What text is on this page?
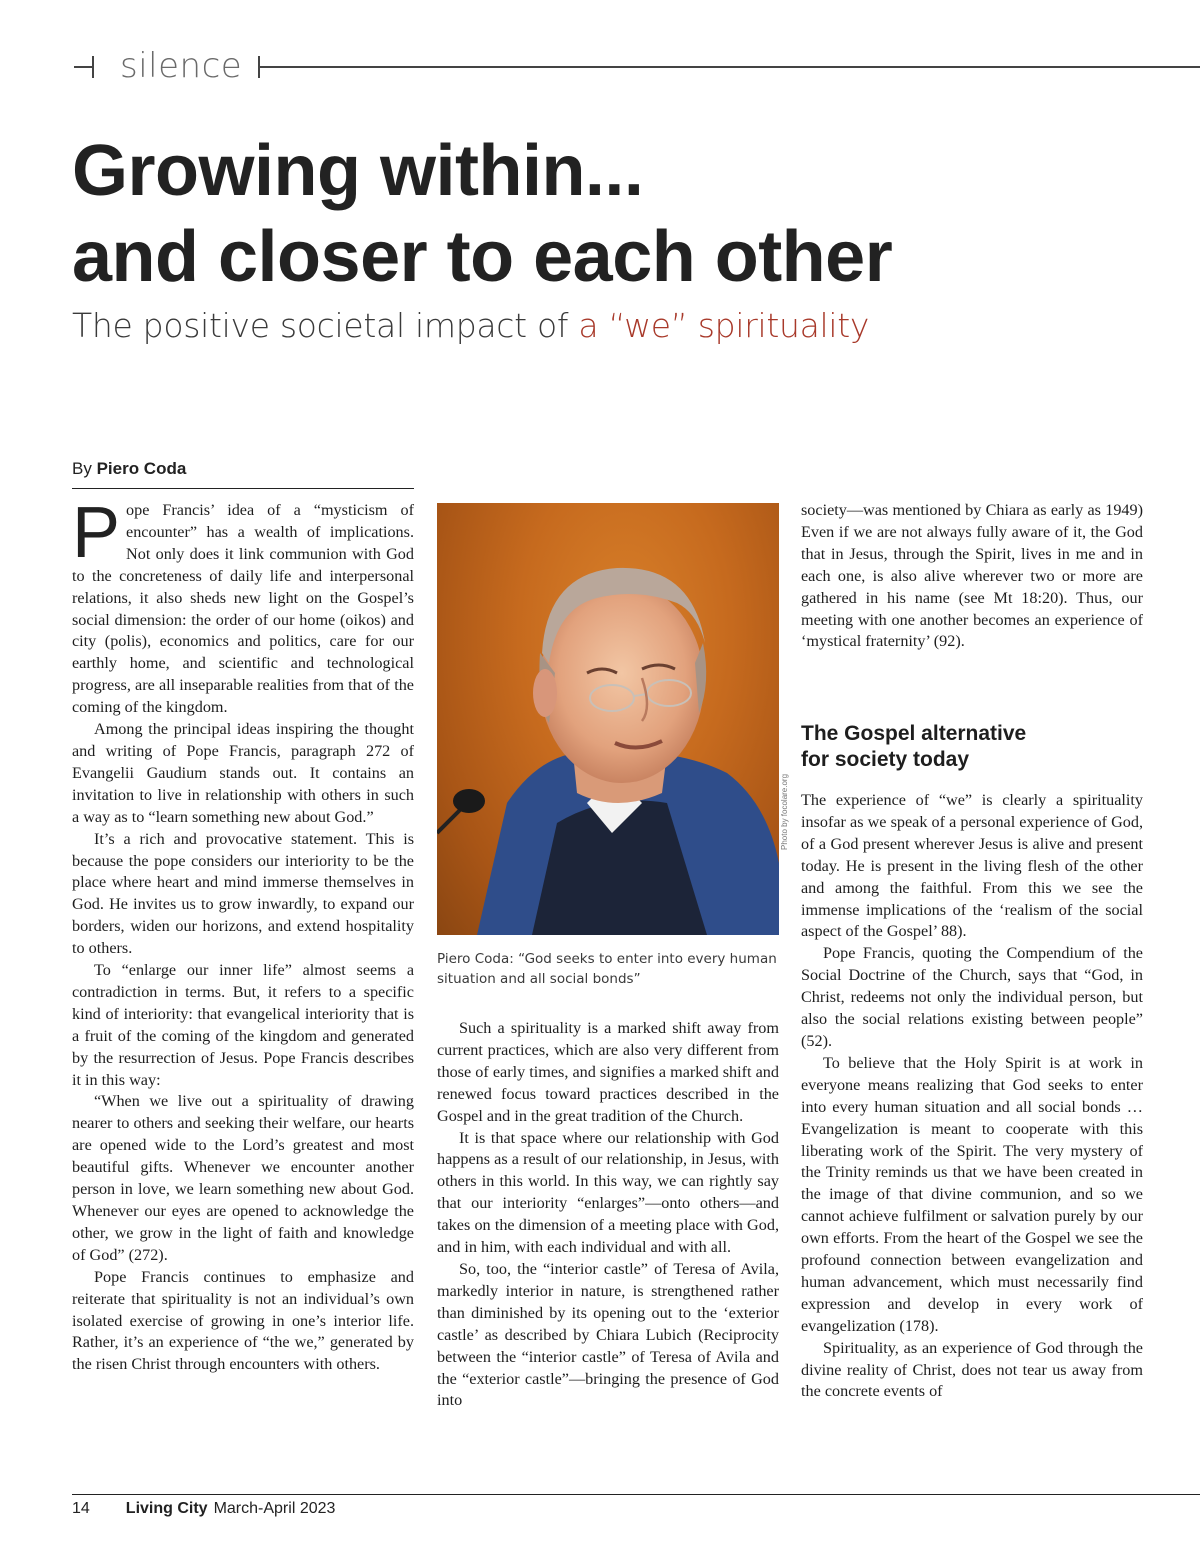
silence
Growing within...
and closer to each other
The positive societal impact of a “we” spirituality
By Piero Coda

Pope Francis’ idea of a “mysticism of encounter” has a wealth of implications. Not only does it link communion with God to the concreteness of daily life and interpersonal relations, it also sheds new light on the Gospel’s social dimension: the order of our home (oikos) and city (polis), economics and politics, care for our earthly home, and scientific and technological progress, are all inseparable realities from that of the coming of the kingdom.

Among the principal ideas inspiring the thought and writing of Pope Francis, paragraph 272 of Evangelii Gaudium stands out. It contains an invitation to live in relationship with others in such a way as to “learn something new about God.”

It’s a rich and provocative statement. This is because the pope considers our interiority to be the place where heart and mind immerse themselves in God. He invites us to grow inwardly, to expand our borders, widen our horizons, and extend hospitality to others.

To “enlarge our inner life” almost seems a contradiction in terms. But, it refers to a specific kind of interiority: that evangelical interiority that is a fruit of the coming of the kingdom and generated by the resurrection of Jesus. Pope Francis describes it in this way:

“When we live out a spirituality of drawing nearer to others and seeking their welfare, our hearts are opened wide to the Lord’s greatest and most beautiful gifts. Whenever we encounter another person in love, we learn something new about God. Whenever our eyes are opened to acknowledge the other, we grow in the light of faith and knowledge of God” (272).

Pope Francis continues to emphasize and reiterate that spirituality is not an individual’s own isolated exercise of growing in one’s interior life. Rather, it’s an experience of “the we,” generated by the risen Christ through encounters with others.

Photo by focolare.org
Piero Coda: “God seeks to enter into every human situation and all social bonds”

Such a spirituality is a marked shift away from current practices, which are also very different from those of early times, and signifies a marked shift and renewed focus toward practices described in the Gospel and in the great tradition of the Church.

It is that space where our relationship with God happens as a result of our relationship, in Jesus, with others in this world. In this way, we can rightly say that our interiority “enlarges”—onto others—and takes on the dimension of a meeting place with God, and in him, with each individual and with all.

So, too, the “interior castle” of Teresa of Avila, markedly interior in nature, is strengthened rather than diminished by its opening out to the ‘exterior castle’ as described by Chiara Lubich (Reciprocity between the “interior castle” of Teresa of Avila and the “exterior castle”—bringing the presence of God into

society—was mentioned by Chiara as early as 1949) Even if we are not always fully aware of it, the God that in Jesus, through the Spirit, lives in me and in each one, is also alive wherever two or more are gathered in his name (see Mt 18:20). Thus, our meeting with one another becomes an experience of ‘mystical fraternity’ (92).

The Gospel alternative
for society today

The experience of “we” is clearly a spirituality insofar as we speak of a personal experience of God, of a God present wherever Jesus is alive and present today. He is present in the living flesh of the other and among the faithful. From this we see the immense implications of the ‘realism of the social aspect of the Gospel’ 88).

Pope Francis, quoting the Compendium of the Social Doctrine of the Church, says that “God, in Christ, redeems not only the individual person, but also the social relations existing between people” (52).

To believe that the Holy Spirit is at work in everyone means realizing that God seeks to enter into every human situation and all social bonds … Evangelization is meant to cooperate with this liberating work of the Spirit. The very mystery of the Trinity reminds us that we have been created in the image of that divine communion, and so we cannot achieve fulfilment or salvation purely by our own efforts. From the heart of the Gospel we see the profound connection between evangelization and human advancement, which must necessarily find expression and develop in every work of evangelization (178).

Spirituality, as an experience of God through the divine reality of Christ, does not tear us away from the concrete events of

14 Living City March-April 2023
